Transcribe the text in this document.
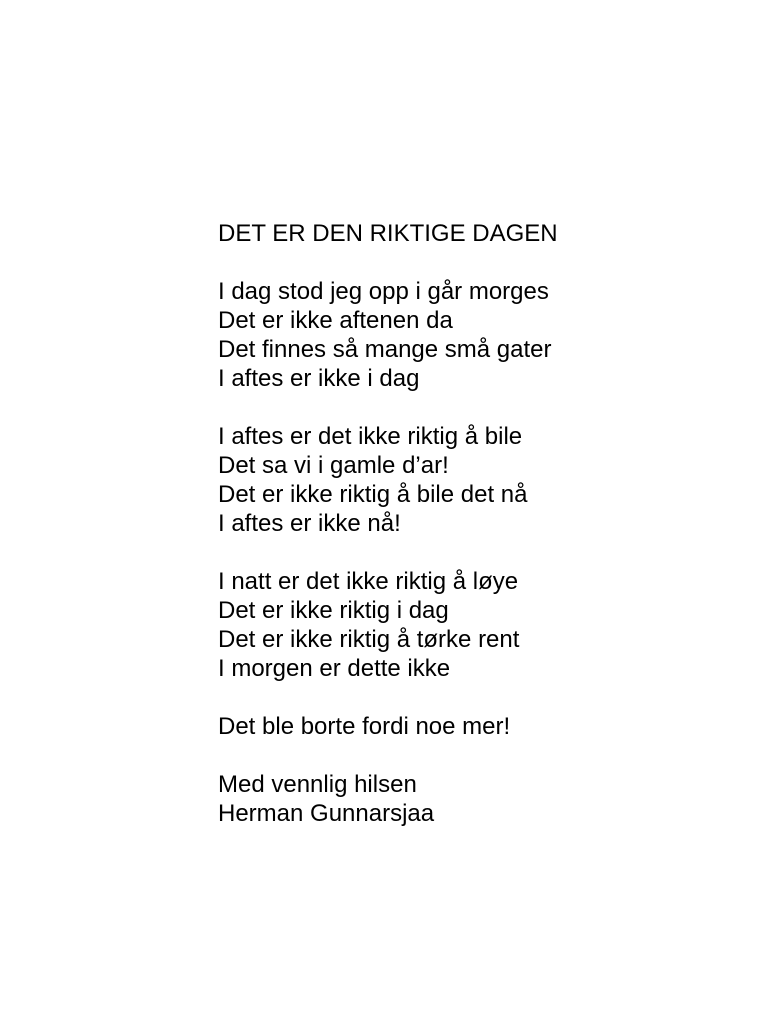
DET ER DEN RIKTIGE DAGEN
I dag stod jeg opp i går morges
Det er ikke aftenen da
Det finnes så mange små gater
I aftes er ikke i dag
I aftes er det ikke riktig å bile
Det sa vi i gamle d’ar!
Det er ikke riktig å bile det nå
I aftes er ikke nå!
I natt er det ikke riktig å løye
Det er ikke riktig i dag
Det er ikke riktig å tørke rent
I morgen er dette ikke
Det ble borte fordi noe mer!
Med vennlig hilsen
Herman Gunnarsjaa
